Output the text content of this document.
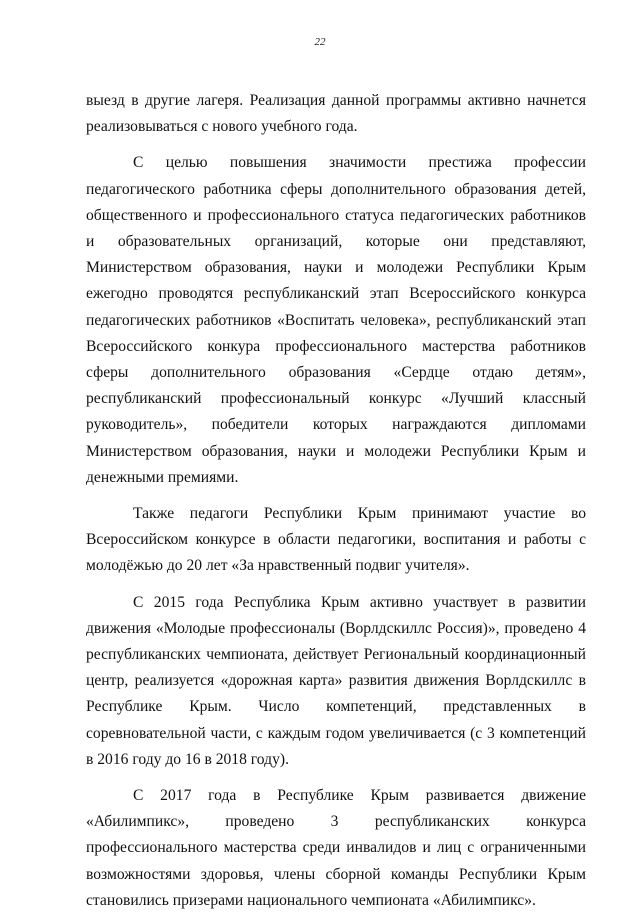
22

выезд в другие лагеря. Реализация данной программы активно начнется реализовываться с нового учебного года.

С целью повышения значимости престижа профессии педагогического работника сферы дополнительного образования детей, общественного и профессионального статуса педагогических работников и образовательных организаций, которые они представляют, Министерством образования, науки и молодежи Республики Крым ежегодно проводятся республиканский этап Всероссийского конкурса педагогических работников «Воспитать человека», республиканский этап Всероссийского конкура профессионального мастерства работников сферы дополнительного образования «Сердце отдаю детям», республиканский профессиональный конкурс «Лучший классный руководитель», победители которых награждаются дипломами Министерством образования, науки и молодежи Республики Крым и денежными премиями.

Также педагоги Республики Крым принимают участие во Всероссийском конкурсе в области педагогики, воспитания и работы с молодёжью до 20 лет «За нравственный подвиг учителя».

С 2015 года Республика Крым активно участвует в развитии движения «Молодые профессионалы (Ворлдскиллс Россия)», проведено 4 республиканских чемпионата, действует Региональный координационный центр, реализуется «дорожная карта» развития движения Ворлдскиллс в Республике Крым. Число компетенций, представленных в соревновательной части, с каждым годом увеличивается (с 3 компетенций в 2016 году до 16 в 2018 году).

С 2017 года в Республике Крым развивается движение «Абилимпикс», проведено 3 республиканских конкурса профессионального мастерства среди инвалидов и лиц с ограниченными возможностями здоровья, члены сборной команды Республики Крым становились призерами национального чемпионата «Абилимпикс».
